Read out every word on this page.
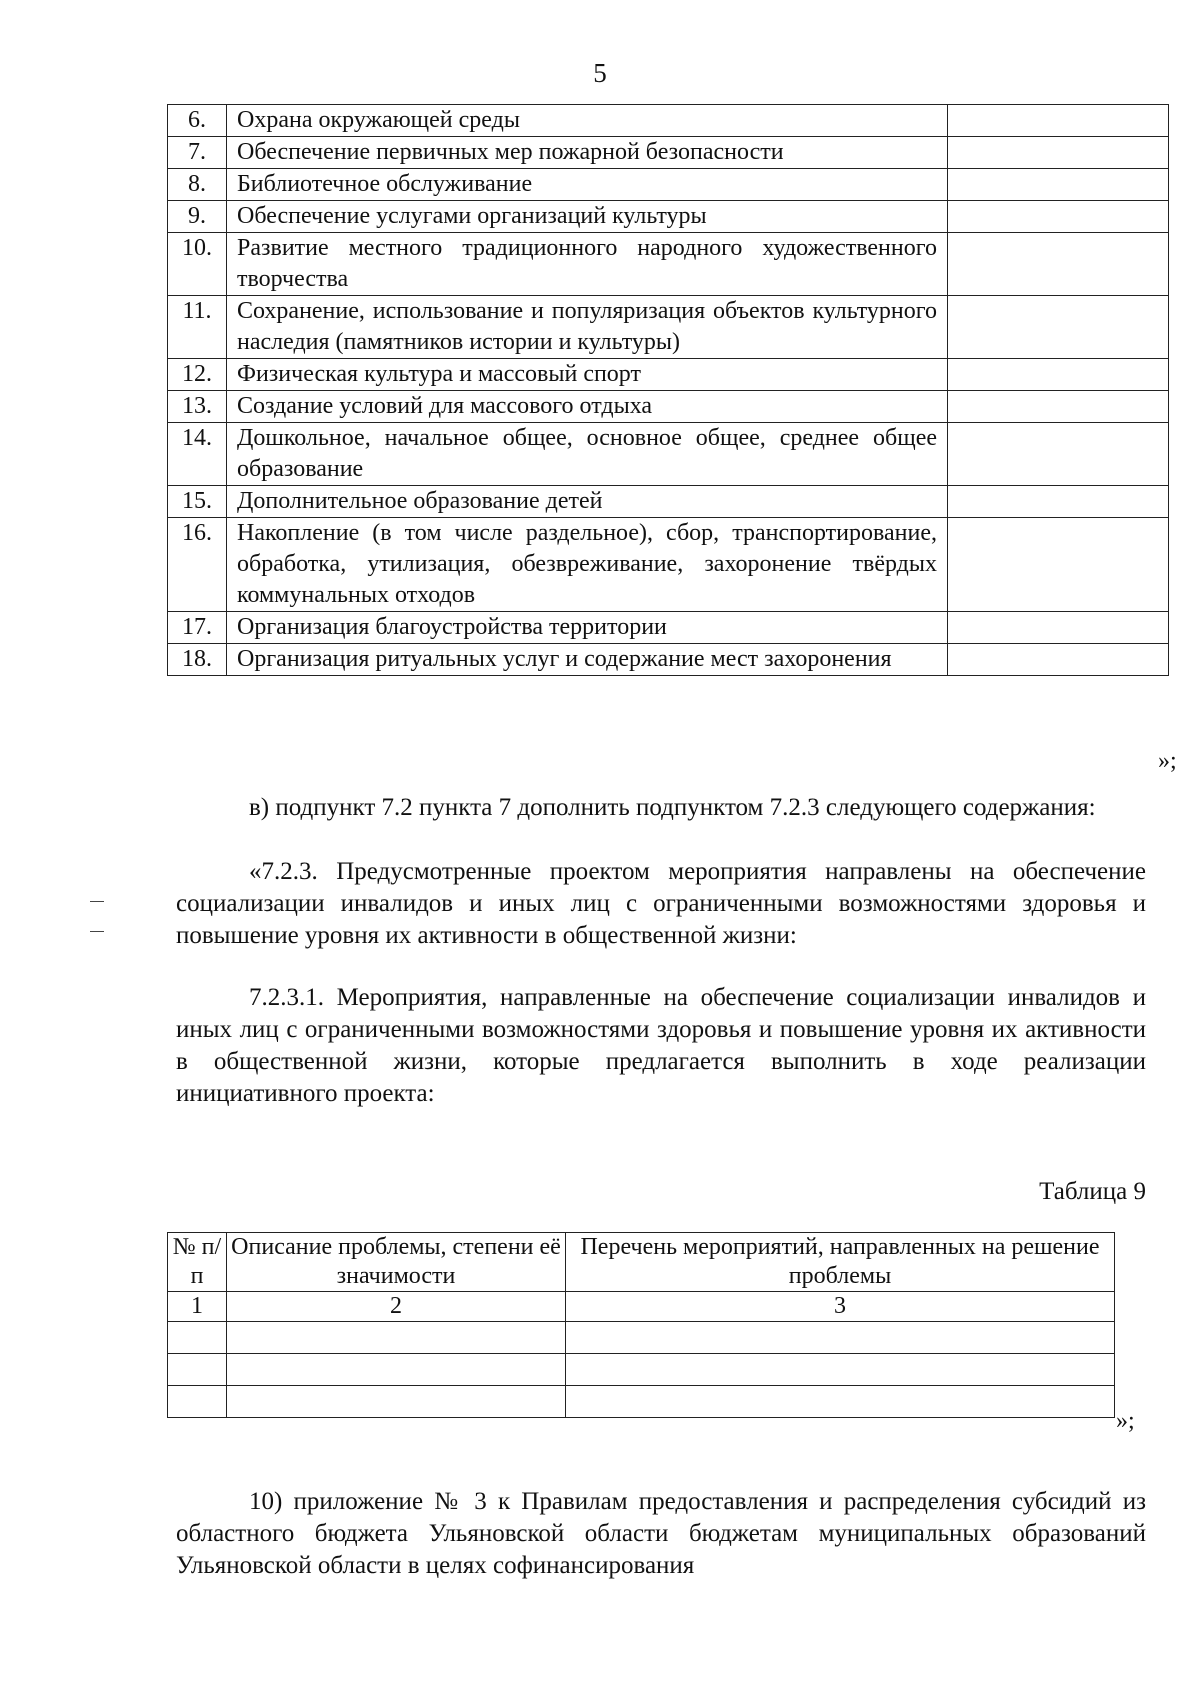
5
6.	Охрана окружающей среды	
7.	Обеспечение первичных мер пожарной безопасности	
8.	Библиотечное обслуживание	
9.	Обеспечение услугами организаций культуры	
10.	Развитие местного традиционного народного художественного творчества	
11.	Сохранение, использование и популяризация объектов культурного наследия (памятников истории и культуры)	
12.	Физическая культура и массовый спорт	
13.	Создание условий для массового отдыха	
14.	Дошкольное, начальное общее, основное общее, среднее общее образование	
15.	Дополнительное образование детей	
16.	Накопление (в том числе раздельное), сбор, транспортирование, обработка, утилизация, обезвреживание, захоронение твёрдых коммунальных отходов	
17.	Организация благоустройства территории	
18.	Организация ритуальных услуг и содержание мест захоронения	
»;

в) подпункт 7.2 пункта 7 дополнить подпунктом 7.2.3 следующего содержания:

«7.2.3. Предусмотренные проектом мероприятия направлены на обеспечение социализации инвалидов и иных лиц с ограниченными возможностями здоровья и повышение уровня их активности в общественной жизни:

7.2.3.1. Мероприятия, направленные на обеспечение социализации инвалидов и иных лиц с ограниченными возможностями здоровья и повышение уровня их активности в общественной жизни, которые предлагается выполнить в ходе реализации инициативного проекта:

Таблица 9
№ п/п	Описание проблемы, степени её значимости	Перечень мероприятий, направленных на решение проблемы
1	2	3

»;

10) приложение № 3 к Правилам предоставления и распределения субсидий из областного бюджета Ульяновской области бюджетам муниципальных образований Ульяновской области в целях софинансирования
